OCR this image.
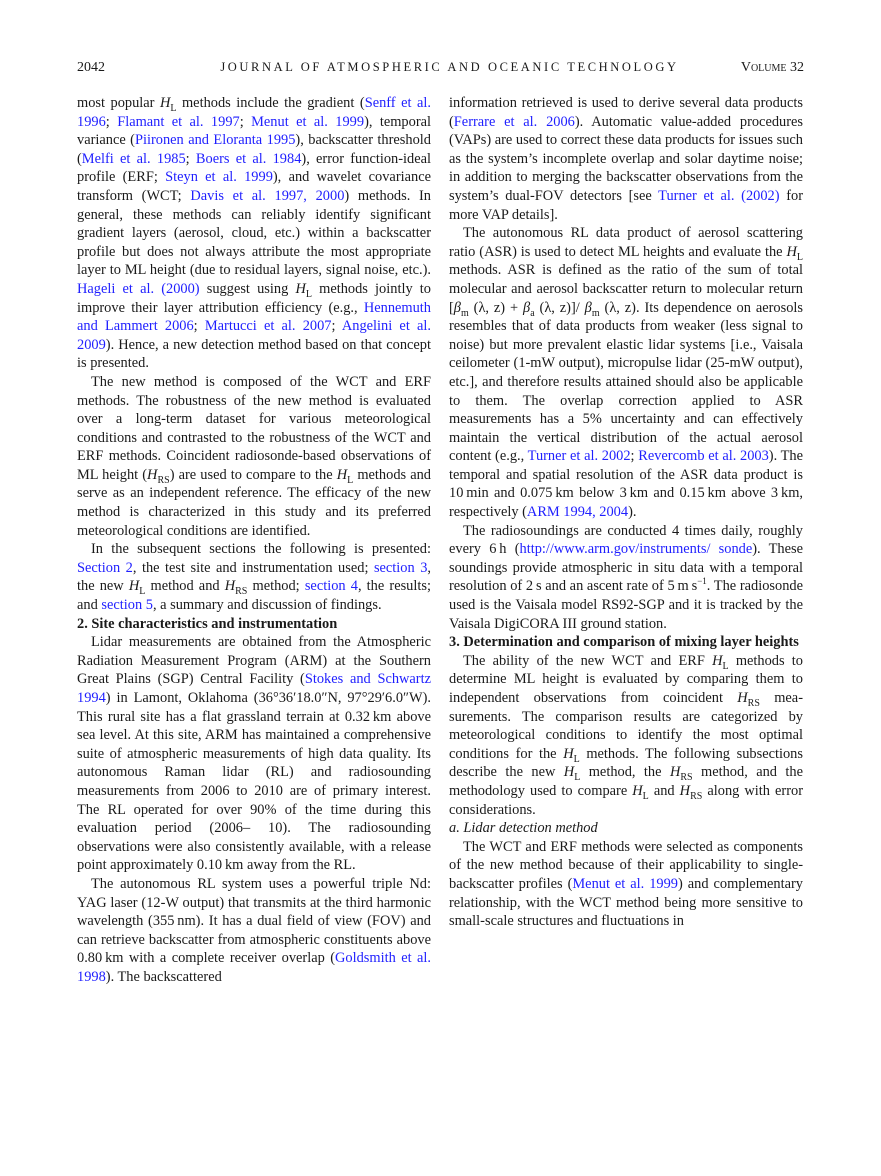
2042	JOURNAL OF ATMOSPHERIC AND OCEANIC TECHNOLOGY	Volume 32

most popular $H_L$ methods include the gradient (Senff et al. 1996; Flamant et al. 1997; Menut et al. 1999), temporal variance (Piironen and Eloranta 1995), backscatter threshold (Melfi et al. 1985; Boers et al. 1984), error function-ideal profile (ERF; Steyn et al. 1999), and wavelet covariance transform (WCT; Davis et al. 1997, 2000) methods. In general, these methods can reliably identify significant gradient layers (aerosol, cloud, etc.) within a backscatter profile but does not always attribute the most appropriate layer to ML height (due to residual layers, signal noise, etc.). Hageli et al. (2000) suggest using $H_L$ methods jointly to improve their layer attribution efficiency (e.g., Hennemuth and Lammert 2006; Martucci et al. 2007; Angelini et al. 2009). Hence, a new detection method based on that concept is presented.

The new method is composed of the WCT and ERF methods. The robustness of the new method is evaluated over a long-term dataset for various meteorological conditions and contrasted to the robustness of the WCT and ERF methods. Coincident radiosonde-based observations of ML height $(H_{RS})$ are used to compare to the $H_L$ methods and serve as an independent reference. The efficacy of the new method is characterized in this study and its preferred meteorological conditions are identified.

In the subsequent sections the following is presented: Section 2, the test site and instrumentation used; section 3, the new $H_L$ method and $H_{RS}$ method; section 4, the results; and section 5, a summary and discussion of findings.

2. Site characteristics and instrumentation

Lidar measurements are obtained from the Atmospheric Radiation Measurement Program (ARM) at the Southern Great Plains (SGP) Central Facility (Stokes and Schwartz 1994) in Lamont, Oklahoma (36°36′18.0″N, 97°29′6.0″W). This rural site has a flat grassland terrain at 0.32 km above sea level. At this site, ARM has maintained a comprehensive suite of atmospheric measurements of high data quality. Its autonomous Raman lidar (RL) and radiosounding measurements from 2006 to 2010 are of primary interest. The RL operated for over 90% of the time during this evaluation period (2006– 10). The radiosounding observations were also consistently available, with a release point approximately 0.10 km away from the RL.

The autonomous RL system uses a powerful triple Nd: YAG laser (12-W output) that transmits at the third harmonic wavelength (355 nm). It has a dual field of view (FOV) and can retrieve backscatter from atmospheric constituents above 0.80 km with a complete receiver overlap (Goldsmith et al. 1998). The backscattered

information retrieved is used to derive several data products (Ferrare et al. 2006). Automatic value-added procedures (VAPs) are used to correct these data products for issues such as the system’s incomplete overlap and solar daytime noise; in addition to merging the backscatter observations from the system’s dual-FOV detectors [see Turner et al. (2002) for more VAP details].

The autonomous RL data product of aerosol scattering ratio (ASR) is used to detect ML heights and evaluate the $H_L$ methods. ASR is defined as the ratio of the sum of total molecular and aerosol backscatter return to molecular return [$\beta_m$ (λ, $z) + \beta_a$ (λ, z)]/ $\beta_m$ (λ, z). Its dependence on aerosols resembles that of data products from weaker (less signal to noise) but more prevalent elastic lidar systems [i.e., Vaisala ceilometer (1-mW output), micropulse lidar (25-mW output), etc.], and therefore results attained should also be applicable to them. The overlap correction applied to ASR measurements has a 5% uncertainty and can effectively maintain the vertical distribution of the actual aerosol content (e.g., Turner et al. 2002; Revercomb et al. 2003). The temporal and spatial resolution of the ASR data product is 10 min and 0.075 km below 3 km and 0.15 km above 3 km, respectively (ARM 1994, 2004).

The radiosoundings are conducted 4 times daily, roughly every 6 h (http://www.arm.gov/instruments/ sonde). These soundings provide atmospheric in situ data with a temporal resolution of 2 s and an ascent rate of 5 m $s^{-1}$. The radiosonde used is the Vaisala model RS92-SGP and it is tracked by the Vaisala DigiCORA III ground station.

3. Determination and comparison of mixing layer heights

The ability of the new WCT and ERF $H_L$ methods to determine ML height is evaluated by comparing them to independent observations from coincident $H_{RS}$ measurements. The comparison results are categorized by meteorological conditions to identify the most optimal conditions for the $H_L$ methods. The following subsections describe the new $H_L$ method, the $H_{RS}$ method, and the methodology used to compare $H_L$ and $H_{RS}$ along with error considerations.

a. Lidar detection method

The WCT and ERF methods were selected as components of the new method because of their applicability to single-backscatter profiles (Menut et al. 1999) and complementary relationship, with the WCT method being more sensitive to small-scale structures and fluctuations in
